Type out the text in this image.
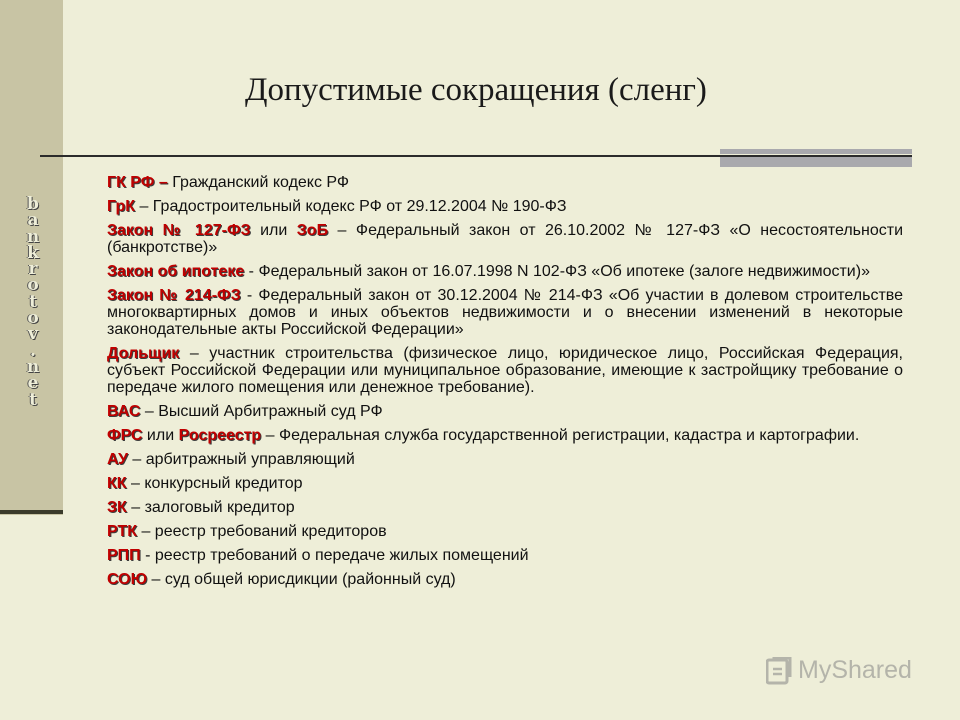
b
a
n
k
r
o
t
o
v
.
n
e
t
Допустимые сокращения (сленг)
ГК РФ – Гражданский кодекс РФ
ГрК – Градостроительный кодекс РФ от 29.12.2004 № 190-ФЗ
Закон № 127-ФЗ или ЗоБ – Федеральный закон от 26.10.2002 № 127-ФЗ «О несостоятельности (банкротстве)»
Закон об ипотеке - Федеральный закон от 16.07.1998 N 102-ФЗ «Об ипотеке (залоге недвижимости)»
Закон № 214-ФЗ - Федеральный закон от 30.12.2004 № 214-ФЗ «Об участии в долевом строительстве многоквартирных домов и иных объектов недвижимости и о внесении изменений в некоторые законодательные акты Российской Федерации»
Дольщик – участник строительства (физическое лицо, юридическое лицо, Российская Федерация, субъект Российской Федерации или муниципальное образование, имеющие к застройщику требование о передаче жилого помещения или денежное требование).
ВАС – Высший Арбитражный суд РФ
ФРС или Росреестр – Федеральная служба государственной регистрации, кадастра и картографии.
АУ – арбитражный управляющий
КК – конкурсный кредитор
ЗК – залоговый кредитор
РТК – реестр требований кредиторов
РПП - реестр требований о передаче жилых помещений
СОЮ – суд общей юрисдикции (районный суд)
MyShared
